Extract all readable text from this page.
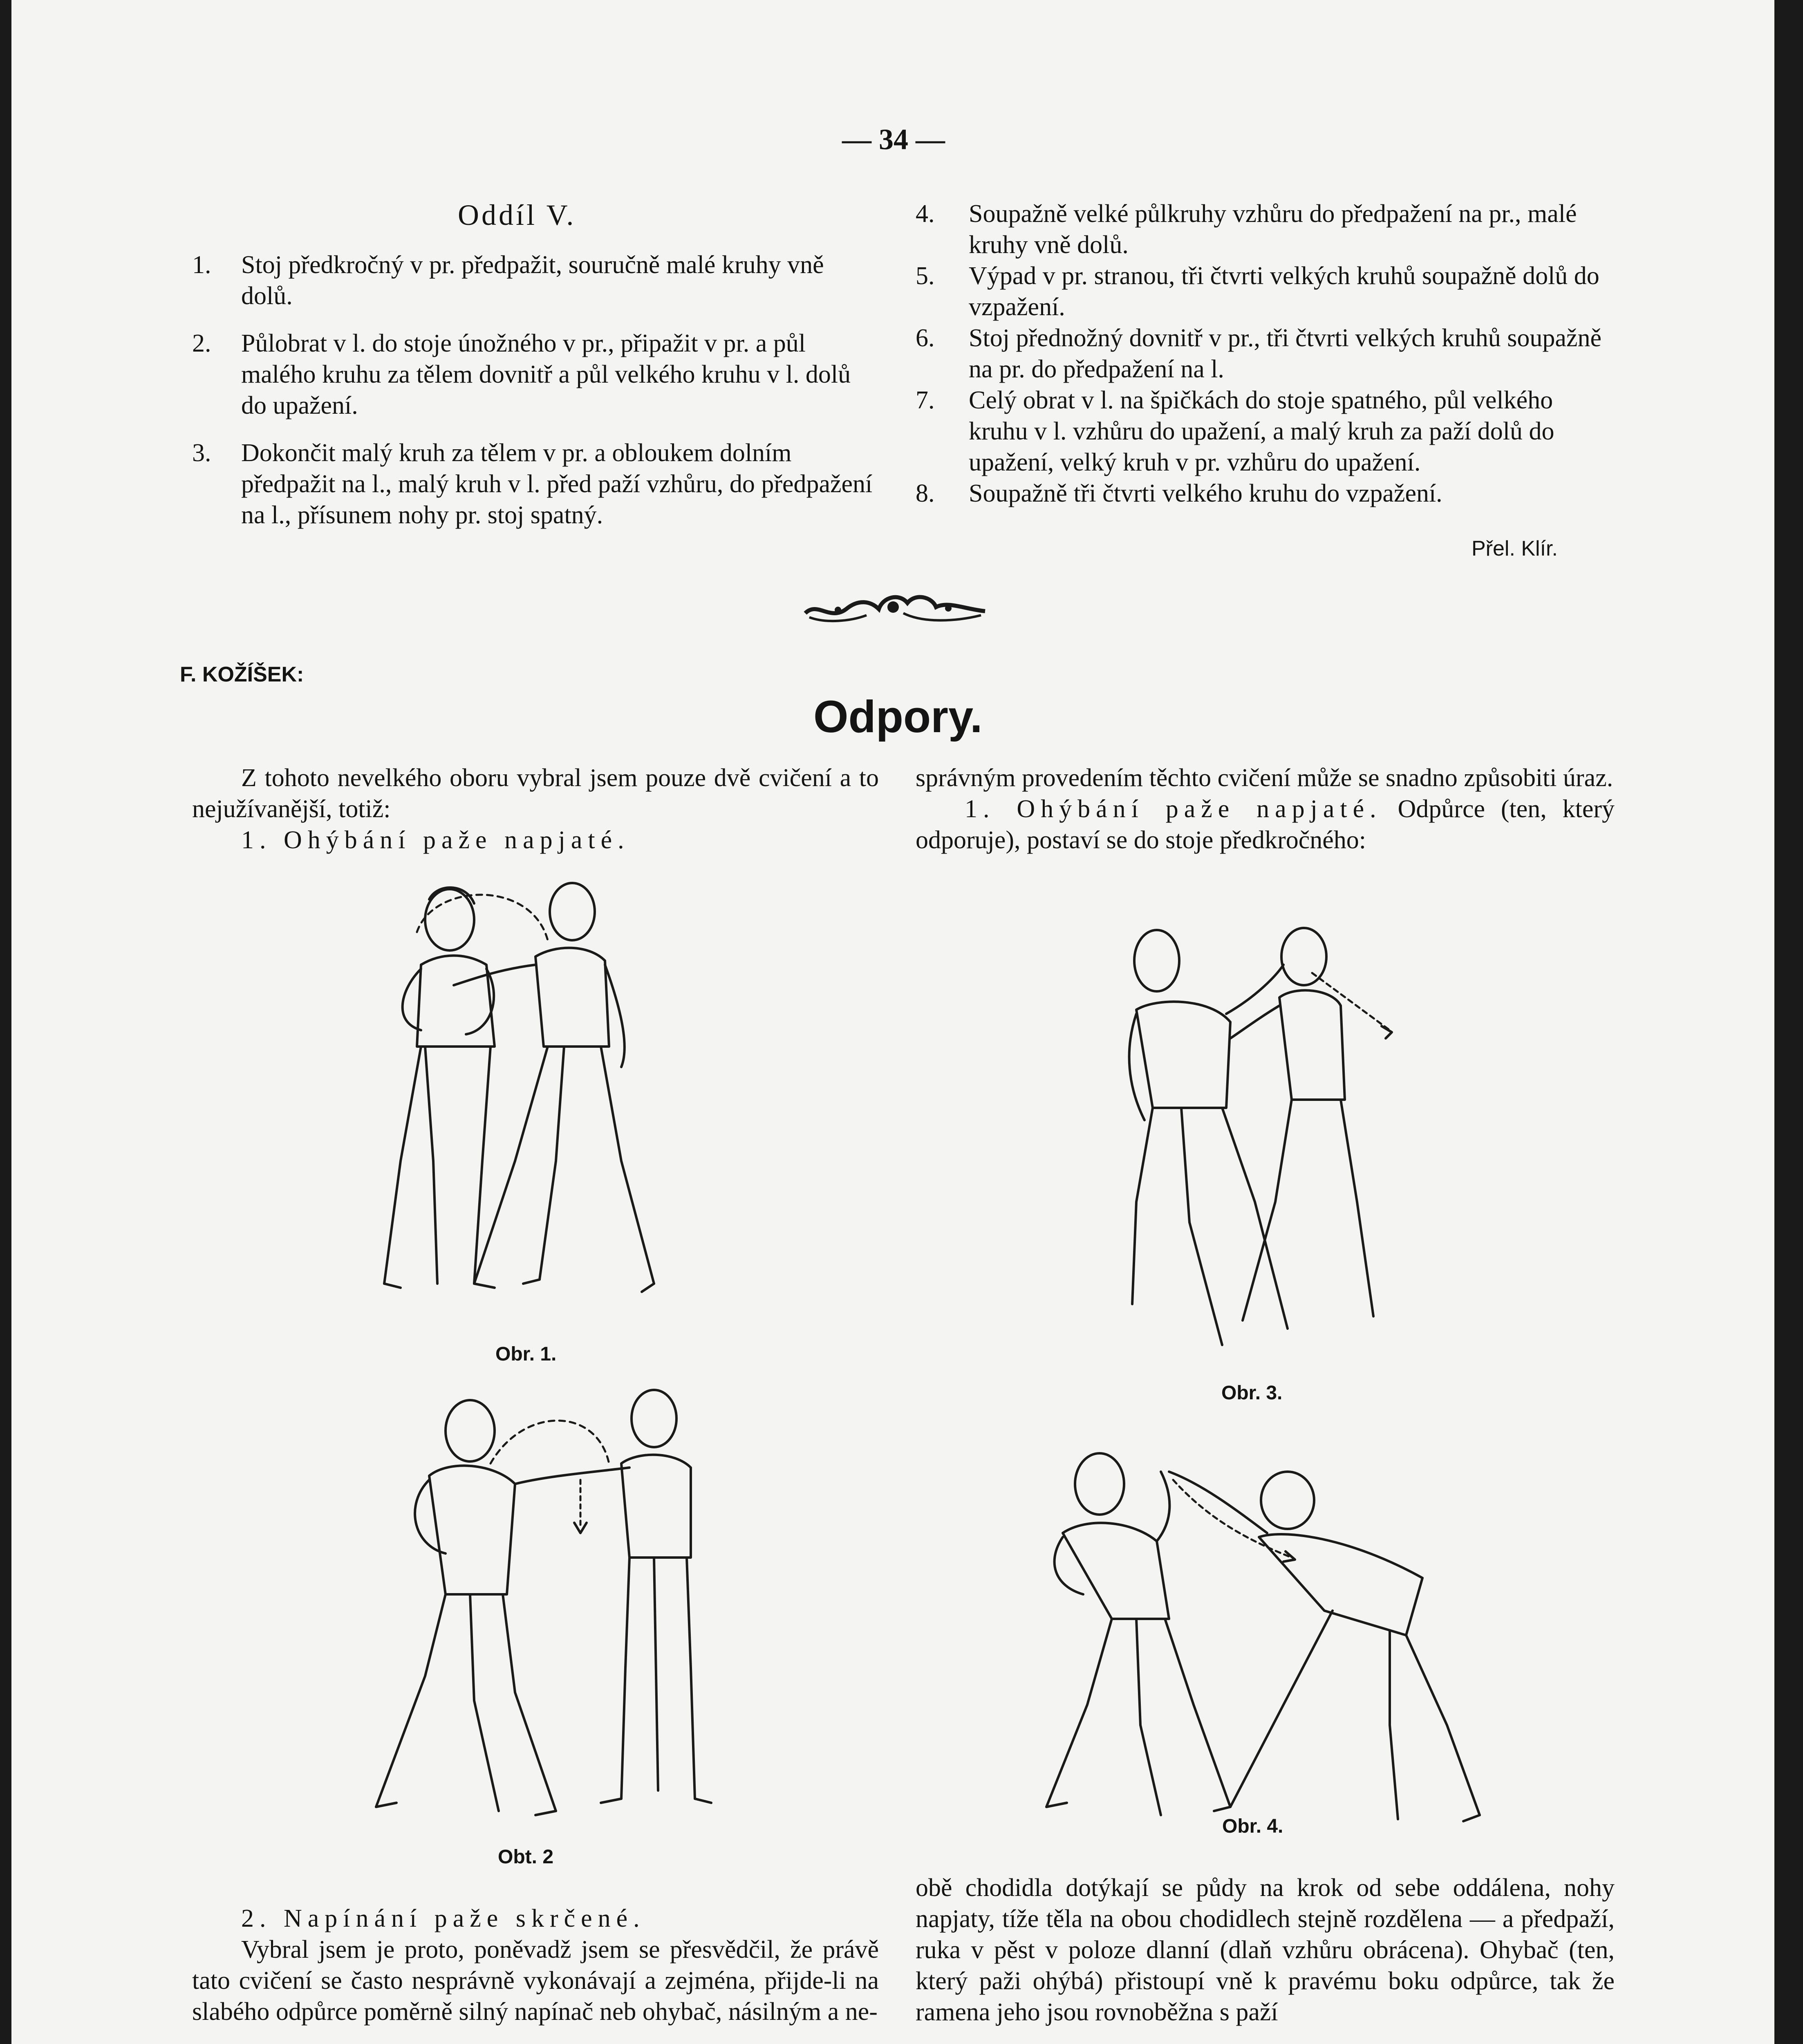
— 34 —
Oddíl V.
1. Stoj předkročný v pr. předpažit, souručně malé kruhy vně dolů.
2. Půlobrat v l. do stoje únožného v pr., připažit v pr. a půl malého kruhu za tělem dovnitř a půl velkého kruhu v l. dolů do upažení.
3. Dokončit malý kruh za tělem v pr. a obloukem dolním předpažit na l., malý kruh v l. před paží vzhůru, do předpažení na l., přísunem nohy pr. stoj spatný.
4. Soupažně velké půlkruhy vzhůru do předpažení na pr., malé kruhy vně dolů.
5. Výpad v pr. stranou, tři čtvrti velkých kruhů soupažně dolů do vzpažení.
6. Stoj přednožný dovnitř v pr., tři čtvrti velkých kruhů soupažně na pr. do předpažení na l.
7. Celý obrat v l. na špičkách do stoje spatného, půl velkého kruhu v l. vzhůru do upažení, a malý kruh za paží dolů do upažení, velký kruh v pr. vzhůru do upažení.
8. Soupažně tři čtvrti velkého kruhu do vzpažení.
Přel. Klír.
F. KOŽÍŠEK:
Odpory.

Z tohoto nevelkého oboru vybral jsem pouze dvě cvičení a to nejužívanější, totiž:

1. Ohýbání paže napjaté.

správným provedením těchto cvičení může se snadno způsobiti úraz.

1. Ohýbání paže napjaté. Odpůrce (ten, který odporuje), postaví se do stoje předkročného:

Obr. 1.
Obr. 3.
Obt. 2
Obr. 4.

2. Napínání paže skrčené.

Vybral jsem je proto, poněvadž jsem se přesvědčil, že právě tato cvičení se často nesprávně vykonávají a zejména, přijde-li na slabého odpůrce poměrně silný napínač neb ohybač, násilným a ne-

obě chodidla dotýkají se půdy na krok od sebe oddálena, nohy napjaty, tíže těla na obou chodidlech stejně rozdělena — a předpaží, ruka v pěst v poloze dlanní (dlaň vzhůru obrácena). Ohybač (ten, který paži ohýbá) přistoupí vně k pravému boku odpůrce, tak že ramena jeho jsou rovnoběžna s paží
